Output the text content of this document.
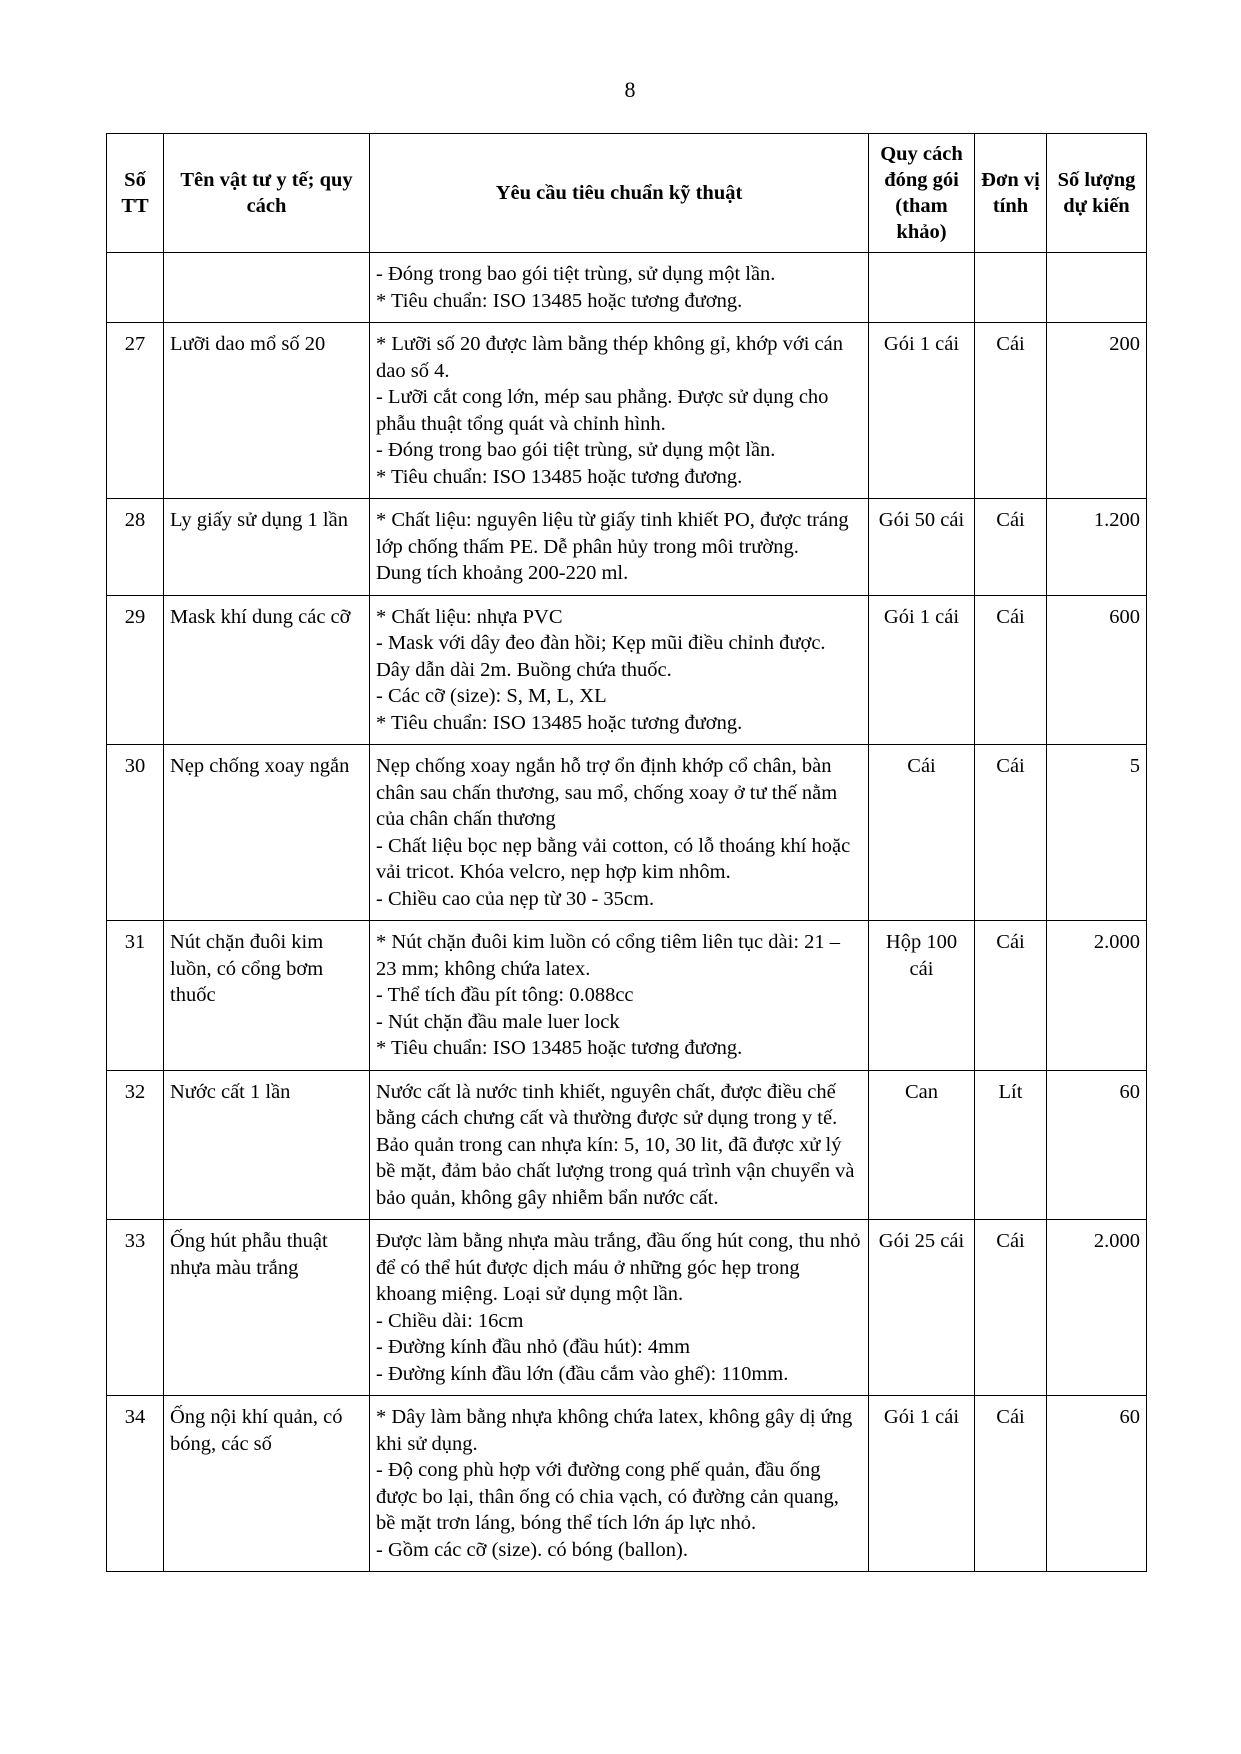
8
Số TT	Tên vật tư y tế; quy cách	Yêu cầu tiêu chuẩn kỹ thuật	Quy cách đóng gói (tham khảo)	Đơn vị tính	Số lượng dự kiến

		- Đóng trong bao gói tiệt trùng, sử dụng một lần.
* Tiêu chuẩn: ISO 13485 hoặc tương đương.			

27	Lưỡi dao mổ số 20	* Lưỡi số 20 được làm bằng thép không gỉ, khớp với cán dao số 4.
- Lưỡi cắt cong lớn, mép sau phẳng. Được sử dụng cho phẫu thuật tổng quát và chỉnh hình.
- Đóng trong bao gói tiệt trùng, sử dụng một lần.
* Tiêu chuẩn: ISO 13485 hoặc tương đương.	Gói 1 cái	Cái	200
28	Ly giấy sử dụng 1 lần	* Chất liệu: nguyên liệu từ giấy tinh khiết PO, được tráng lớp chống thấm PE. Dễ phân hủy trong môi trường.
Dung tích khoảng 200-220 ml.	Gói 50 cái	Cái	1.200
29	Mask khí dung các cỡ	* Chất liệu: nhựa PVC
- Mask với dây đeo đàn hồi; Kẹp mũi điều chỉnh được. Dây dẫn dài 2m. Buồng chứa thuốc.
- Các cỡ (size): S, M, L, XL
* Tiêu chuẩn: ISO 13485 hoặc tương đương.	Gói 1 cái	Cái	600
30	Nẹp chống xoay ngắn	Nẹp chống xoay ngắn hỗ trợ ổn định khớp cổ chân, bàn chân sau chấn thương, sau mổ, chống xoay ở tư thế nằm của chân chấn thương
- Chất liệu bọc nẹp bằng vải cotton, có lỗ thoáng khí hoặc vải tricot. Khóa velcro, nẹp hợp kim nhôm.
- Chiều cao của nẹp từ 30 - 35cm.	Cái	Cái	5
31	Nút chặn đuôi kim luồn, có cổng bơm thuốc	* Nút chặn đuôi kim luồn có cổng tiêm liên tục dài: 21 – 23 mm; không chứa latex.
- Thể tích đầu pít tông: 0.088cc
- Nút chặn đầu male luer lock
* Tiêu chuẩn: ISO 13485 hoặc tương đương.	Hộp 100 cái	Cái	2.000
32	Nước cất 1 lần	Nước cất là nước tinh khiết, nguyên chất, được điều chế bằng cách chưng cất và thường được sử dụng trong y tế.
Bảo quản trong can nhựa kín: 5, 10, 30 lit, đã được xử lý bề mặt, đảm bảo chất lượng trong quá trình vận chuyển và bảo quản, không gây nhiễm bẩn nước cất.	Can	Lít	60
33	Ống hút phẫu thuật nhựa màu trắng	Được làm bằng nhựa màu trắng, đầu ống hút cong, thu nhỏ để có thể hút được dịch máu ở những góc hẹp trong khoang miệng. Loại sử dụng một lần.
- Chiều dài: 16cm
- Đường kính đầu nhỏ (đầu hút): 4mm
- Đường kính đầu lớn (đầu cắm vào ghế): 110mm.	Gói 25 cái	Cái	2.000
34	Ống nội khí quản, có bóng, các số	* Dây làm bằng nhựa không chứa latex, không gây dị ứng khi sử dụng.
- Độ cong phù hợp với đường cong phế quản, đầu ống được bo lại, thân ống có chia vạch, có đường cản quang, bề mặt trơn láng, bóng thể tích lớn áp lực nhỏ.
- Gồm các cỡ (size). có bóng (ballon).	Gói 1 cái	Cái	60
